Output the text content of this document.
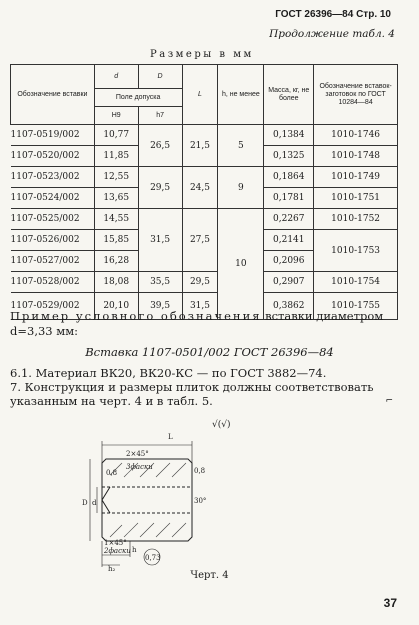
ГОСТ 26396—84 Стр. 10
Продолжение табл. 4
Размеры в мм
Обозначение вставки	d	D	L	h, не менее	Масса, кг, не более	Обозначение вставок-заготовок по ГОСТ 10284—84
	Поле допуска					
	Н9	h7				
1107-0519/002	10,77	26,5	21,5	5	0,1384	1010-1746
1107-0520/002	11,85				0,1325	1010-1748
1107-0523/002	12,55	29,5	24,5	9	0,1864	1010-1749
1107-0524/002	13,65				0,1781	1010-1751
1107-0525/002	14,55	31,5	27,5	10	0,2267	1010-1752
1107-0526/002	15,85				0,2141	1010-1753
1107-0527/002	16,28				0,2096	
1107-0528/002	18,08	35,5	29,5		0,2907	1010-1754
1107-0529/002	20,10	39,5	31,5		0,3862	1010-1755
Пример условного обозначения вставки диаметром
d=3,33 мм:
Вставка 1107-0501/002 ГОСТ 26396—84
6.1. Материал ВК20, ВК20-КС — по ГОСТ 3882—74.
7. Конструкция и размеры плиток должны соответствовать указанным на черт. 4 и в табл. 5.	⌐
L
2×45°
3фаски
D d	30°
0,8	0,8
1×45°
2фаски h
h₂
0,73
√(√)
Черт. 4
37
